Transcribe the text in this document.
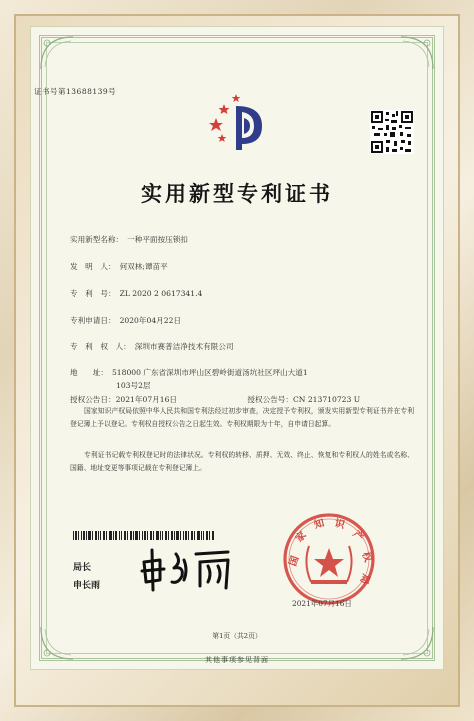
证书号第13688139号
实用新型专利证书
实用新型名称： 一种平面按压锁扣
发　明　人： 何双林;谭苗平
专　利　号： ZL 2020 2 0617341.4
专利申请日： 2020年04月22日
专　利　权　人： 深圳市赛普洁净技术有限公司
地　　址： 518000 广东省深圳市坪山区碧岭街道汤坑社区坪山大道1
103号2层
授权公告日：2021年07月16日	授权公告号：CN 213710723 U
国家知识产权局依照中华人民共和国专利法经过初步审查，决定授予专利权，颁发实用新型专利证书并在专利登记簿上予以登记。专利权自授权公告之日起生效。专利权期限为十年，自申请日起算。
专利证书记载专利权登记时的法律状况。专利权的转移、质押、无效、终止、恢复和专利权人的姓名或名称、国籍、地址变更等事项记载在专利登记簿上。
局长
申长雨
国
家
知 识
产
权
局
2021年07月16日
第1页（共2页）
其他事项参见背面
